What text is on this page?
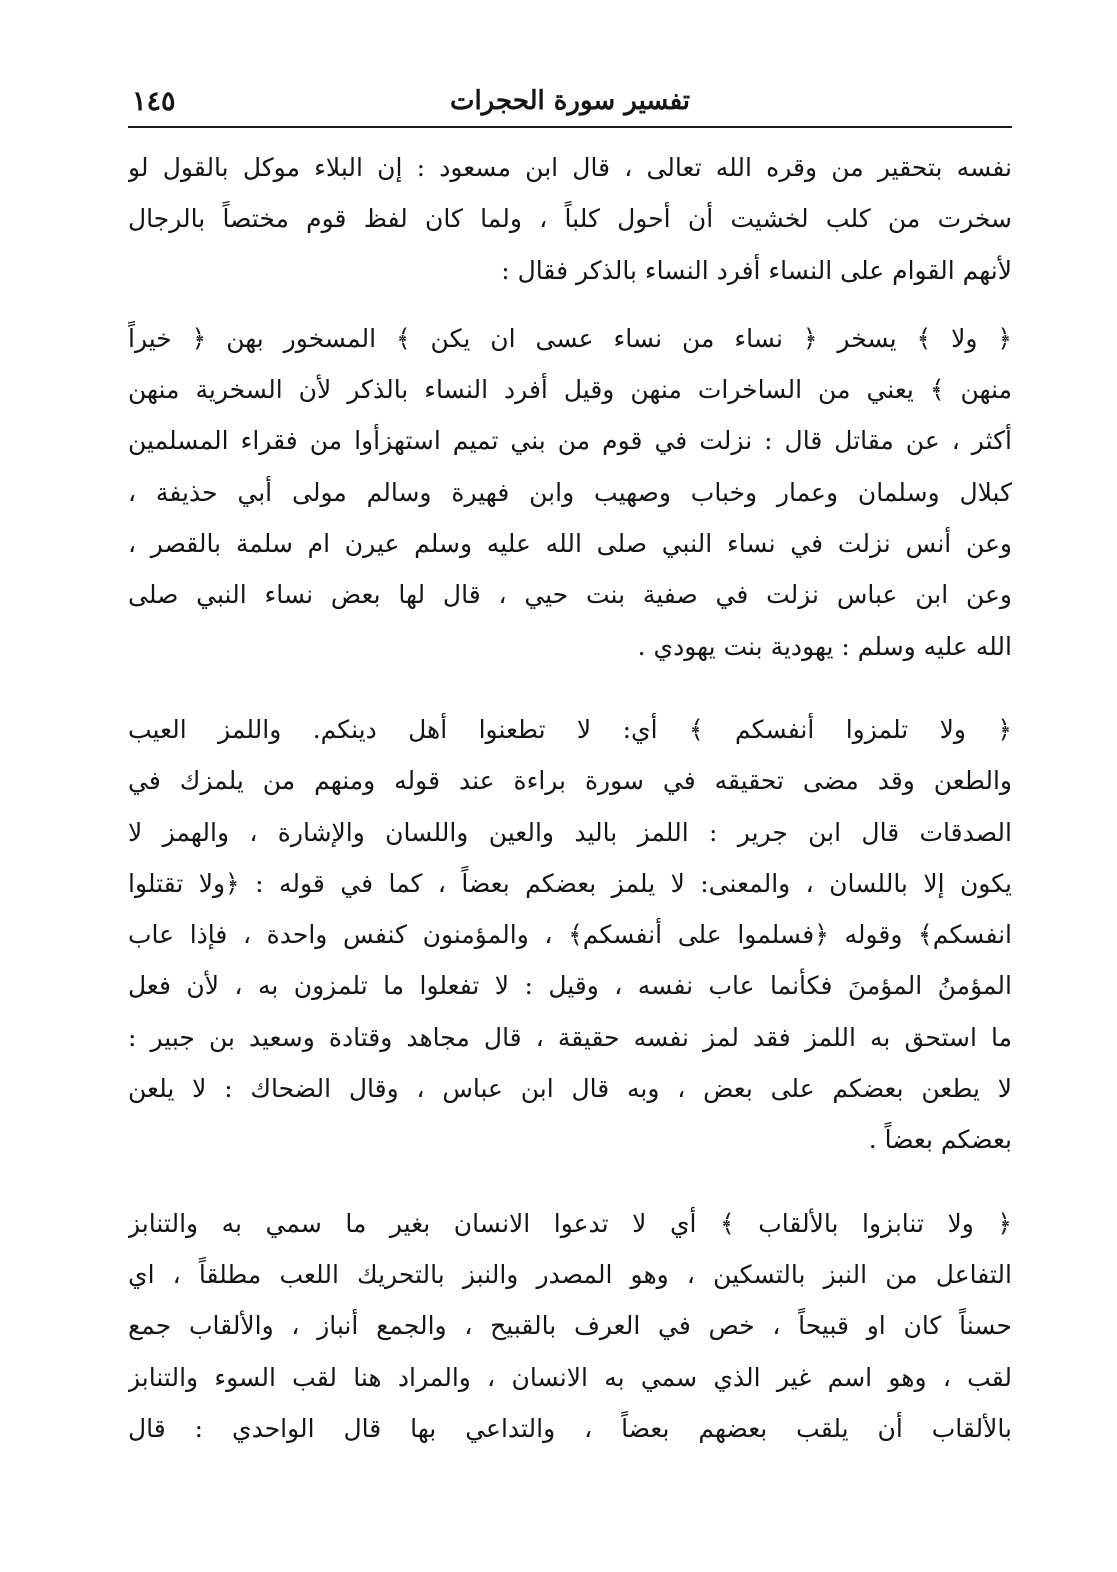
١٤٥	تفسير سورة الحجرات
نفسه بتحقير من وقره الله تعالى ، قال ابن مسعود : إن البلاء موكل بالقول لو
سخرت من كلب لخشيت أن أحول كلباً ، ولما كان لفظ قوم مختصاً بالرجال
لأنهم القوام على النساء أفرد النساء بالذكر فقال :
﴿ ولا ﴾ يسخر ﴿ نساء من نساء عسى ان يكن ﴾ المسخور بهن ﴿ خيراً
منهن ﴾ يعني من الساخرات منهن وقيل أفرد النساء بالذكر لأن السخرية منهن
أكثر ، عن مقاتل قال : نزلت في قوم من بني تميم استهزأوا من فقراء المسلمين
كبلال وسلمان وعمار وخباب وصهيب وابن فهيرة وسالم مولى أبي حذيفة ،
وعن أنس نزلت في نساء النبي صلى الله عليه وسلم عيرن ام سلمة بالقصر ،
وعن ابن عباس نزلت في صفية بنت حيي ، قال لها بعض نساء النبي صلى
الله عليه وسلم : يهودية بنت يهودي .
﴿ ولا تلمزوا أنفسكم ﴾ أي: لا تطعنوا أهل دينكم. واللمز العيب
والطعن وقد مضى تحقيقه في سورة براءة عند قوله ومنهم من يلمزك في
الصدقات قال ابن جرير : اللمز باليد والعين واللسان والإشارة ، والهمز لا
يكون إلا باللسان ، والمعنى: لا يلمز بعضكم بعضاً ، كما في قوله : ﴿ولا تقتلوا
انفسكم﴾ وقوله ﴿فسلموا على أنفسكم﴾ ، والمؤمنون كنفس واحدة ، فإذا عاب
المؤمنُ المؤمنَ فكأنما عاب نفسه ، وقيل : لا تفعلوا ما تلمزون به ، لأن فعل
ما استحق به اللمز فقد لمز نفسه حقيقة ، قال مجاهد وقتادة وسعيد بن جبير :
لا يطعن بعضكم على بعض ، وبه قال ابن عباس ، وقال الضحاك : لا يلعن
بعضكم بعضاً .
﴿ ولا تنابزوا بالألقاب ﴾ أي لا تدعوا الانسان بغير ما سمي به والتنابز
التفاعل من النبز بالتسكين ، وهو المصدر والنبز بالتحريك اللعب مطلقاً ، اي
حسناً كان او قبيحاً ، خص في العرف بالقبيح ، والجمع أنباز ، والألقاب جمع
لقب ، وهو اسم غير الذي سمي به الانسان ، والمراد هنا لقب السوء والتنابز
بالألقاب أن يلقب بعضهم بعضاً ، والتداعي بها قال الواحدي : قال
